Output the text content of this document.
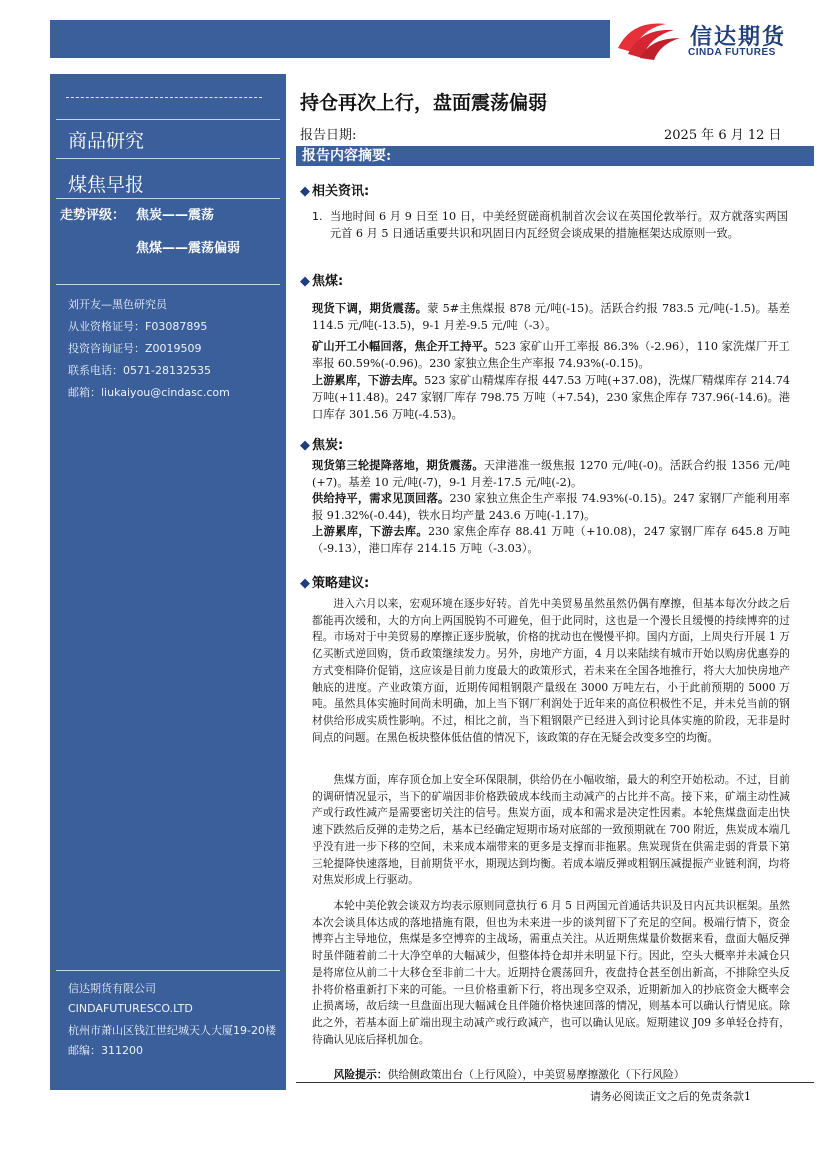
信达期货
CINDA FUTURES
商品研究
煤焦早报
走势评级： 焦炭——震荡
焦煤——震荡偏弱
刘开友—黑色研究员
从业资格证号：F03087895
投资咨询证号：Z0019509
联系电话：0571-28132535
邮箱：liukaiyou@cindasc.com
信达期货有限公司
CINDAFUTURESCO.LTD
杭州市萧山区钱江世纪城天人大厦19-20楼
邮编：311200
持仓再次上行，盘面震荡偏弱
报告日期:	2025 年 6 月 12 日
报告内容摘要:
◆ 相关资讯:
1. 当地时间 6 月 9 日至 10 日，中美经贸磋商机制首次会议在英国伦敦举行。双方就落实两国元首 6 月 5 日通话重要共识和巩固日内瓦经贸会谈成果的措施框架达成原则一致。
◆ 焦煤:
现货下调，期货震荡。蒙 5#主焦煤报 878 元/吨(-15)。活跃合约报 783.5 元/吨(-1.5)。基差 114.5 元/吨(-13.5)，9-1 月差-9.5 元/吨（-3）。
矿山开工小幅回落，焦企开工持平。523 家矿山开工率报 86.3%（-2.96），110 家洗煤厂开工率报 60.59%(-0.96)。230 家独立焦企生产率报 74.93%(-0.15)。
上游累库，下游去库。523 家矿山精煤库存报 447.53 万吨(+37.08)，洗煤厂精煤库存 214.74 万吨(+11.48)。247 家钢厂库存 798.75 万吨（+7.54)，230 家焦企库存 737.96(-14.6)。港口库存 301.56 万吨(-4.53)。
◆ 焦炭:
现货第三轮提降落地，期货震荡。天津港准一级焦报 1270 元/吨(-0)。活跃合约报 1356 元/吨(+7)。基差 10 元/吨(-7)，9-1 月差-17.5 元/吨(-2)。
供给持平，需求见顶回落。230 家独立焦企生产率报 74.93%(-0.15)。247 家钢厂产能利用率报 91.32%(-0.44)，铁水日均产量 243.6 万吨(-1.17)。
上游累库，下游去库。230 家焦企库存 88.41 万吨（+10.08)，247 家钢厂库存 645.8 万吨（-9.13），港口库存 214.15 万吨（-3.03）。
◆ 策略建议:
进入六月以来，宏观环境在逐步好转。首先中美贸易虽然虽然仍偶有摩擦，但基本每次分歧之后都能再次缓和，大的方向上两国脱钩不可避免，但于此同时，这也是一个漫长且缓慢的持续博弈的过程。市场对于中美贸易的摩擦正逐步脱敏，价格的扰动也在慢慢平抑。国内方面，上周央行开展 1 万亿买断式逆回购，货币政策继续发力。另外，房地产方面，4 月以来陆续有城市开始以购房优惠券的方式变相降价促销，这应该是目前力度最大的政策形式，若未来在全国各地推行，将大大加快房地产触底的进度。产业政策方面，近期传闻粗钢限产量级在 3000 万吨左右，小于此前预期的 5000 万吨。虽然具体实施时间尚未明确，加上当下钢厂利润处于近年来的高位积极性不足，并未兑当前的钢材供给形成实质性影响。不过，相比之前，当下粗钢限产已经进入到讨论具体实施的阶段，无非是时间点的问题。在黑色板块整体低估值的情况下，该政策的存在无疑会改变多空的均衡。
焦煤方面，库存顶仓加上安全环保限制，供给仍在小幅收缩，最大的利空开始松动。不过，目前的调研情况显示，当下的矿端因非价格跌破成本线而主动减产的占比并不高。接下来，矿端主动性减产或行政性减产是需要密切关注的信号。焦炭方面，成本和需求是决定性因素。本轮焦煤盘面走出快速下跌然后反弹的走势之后，基本已经确定短期市场对底部的一致预期就在 700 附近，焦炭成本端几乎没有进一步下移的空间，未来成本端带来的更多是支撑而非拖累。焦炭现货在供需走弱的背景下第三轮提降快速落地，目前期货平水，期现达到均衡。若成本端反弹或粗钢压减提振产业链利润，均将对焦炭形成上行驱动。
本轮中美伦敦会谈双方均表示原则同意执行 6 月 5 日两国元首通话共识及日内瓦共识框架。虽然本次会谈具体达成的落地措施有限，但也为未来进一步的谈判留下了充足的空间。极端行情下，资金博弈占主导地位，焦煤是多空博弈的主战场，需重点关注。从近期焦煤量价数据来看，盘面大幅反弹时虽伴随着前二十大净空单的大幅减少，但整体持仓却并未明显下行。因此，空头大概率并未减仓只是将席位从前二十大移仓至非前二十大。近期持仓震荡回升，夜盘持仓甚至创出新高，不排除空头反扑将价格重新打下来的可能。一旦价格重新下行，将出现多空双杀，近期新加入的抄底资金大概率会止损离场，故后续一旦盘面出现大幅减仓且伴随价格快速回落的情况，则基本可以确认行情见底。除此之外，若基本面上矿端出现主动减产或行政减产，也可以确认见底。短期建议 J09 多单轻仓持有，待确认见底后择机加仓。
风险提示：供给侧政策出台（上行风险），中美贸易摩擦激化（下行风险）
请务必阅读正文之后的免责条款1
